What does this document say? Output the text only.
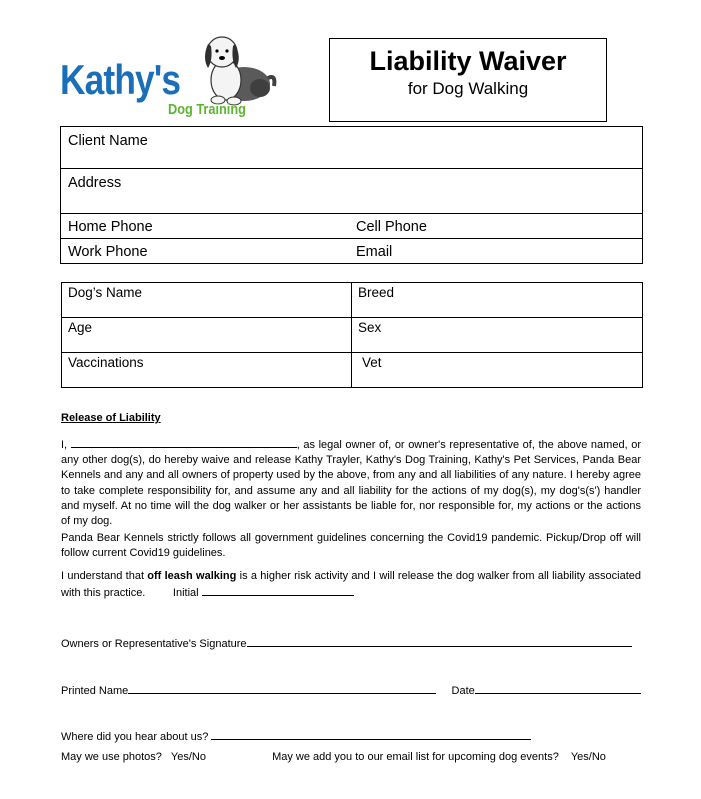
Kathy's
Dog Training
Liability Waiver
for Dog Walking
Client Name	
Address	
Home Phone	Cell Phone
Work Phone	Email
Dog’s Name	Breed
Age	Sex
Vaccinations	Vet
Release of Liability
I,	, as legal owner of, or owner's representative of, the above named, or any other dog(s), do hereby waive and release Kathy Trayler, Kathy's Dog Training, Kathy's Pet Services, Panda Bear Kennels and any and all owners of property used by the above, from any and all liabilities of any nature. I hereby agree to take complete responsibility for, and assume any and all liability for the actions of my dog(s), my dog's(s') handler and myself. At no time will the dog walker or her assistants be liable for, nor responsible for, my actions or the actions of my dog.
Panda Bear Kennels strictly follows all government guidelines concerning the Covid19 pandemic. Pickup/Drop off will follow current Covid19 guidelines.
I understand that off leash walking is a higher risk activity and I will release the dog walker from all liability associated with this practice.	Initial
Owners or Representative's Signature
Printed Name	Date
Where did you hear about us?
May we use photos? Yes/No	May we add you to our email list for upcoming dog events? Yes/No
